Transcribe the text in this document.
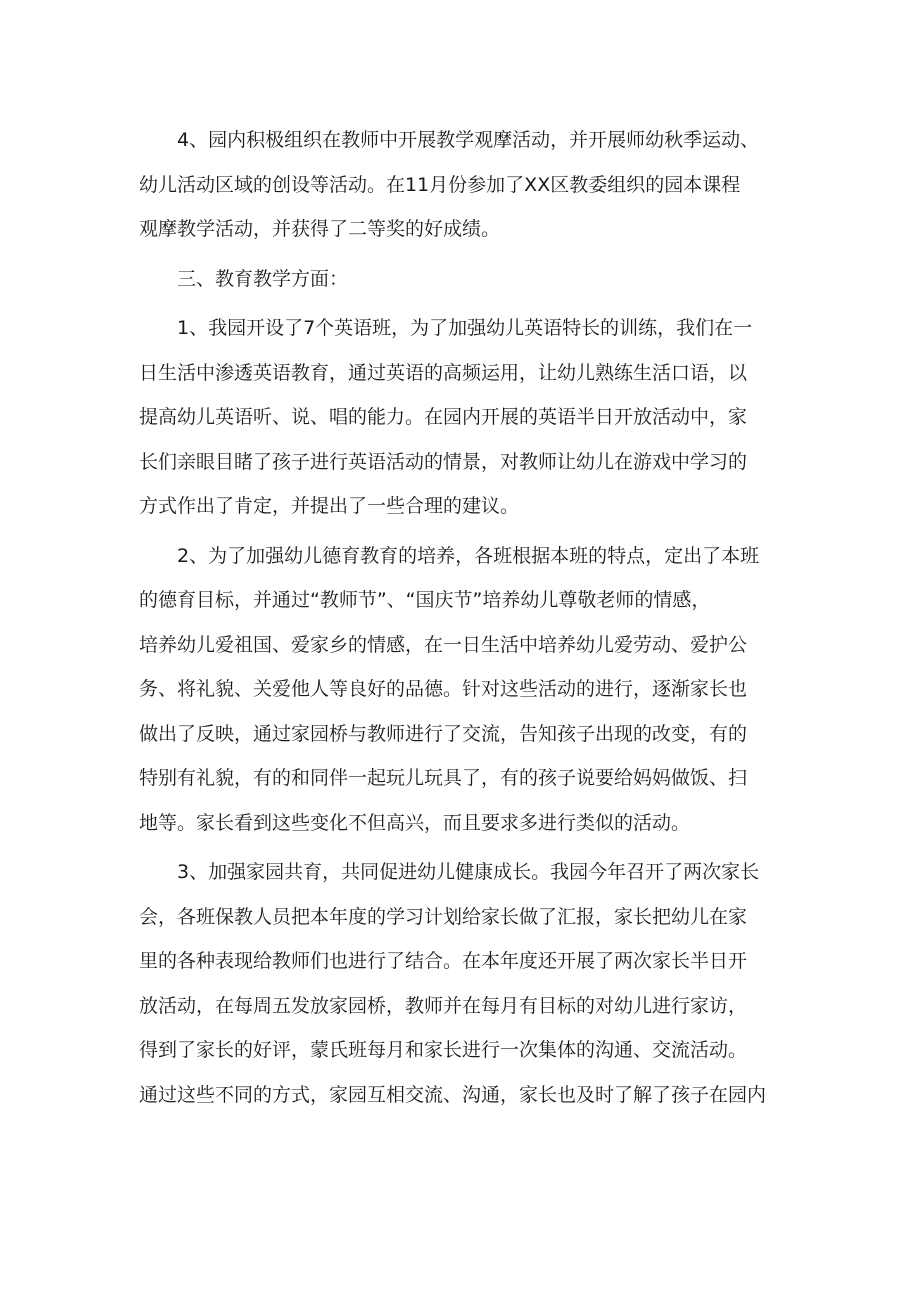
4、园内积极组织在教师中开展教学观摩活动，并开展师幼秋季运动、
幼儿活动区域的创设等活动。在11月份参加了XX区教委组织的园本课程
观摩教学活动，并获得了二等奖的好成绩。
三、教育教学方面：
1、我园开设了7个英语班，为了加强幼儿英语特长的训练，我们在一
日生活中渗透英语教育，通过英语的高频运用，让幼儿熟练生活口语，以
提高幼儿英语听、说、唱的能力。在园内开展的英语半日开放活动中，家
长们亲眼目睹了孩子进行英语活动的情景，对教师让幼儿在游戏中学习的
方式作出了肯定，并提出了一些合理的建议。
2、为了加强幼儿德育教育的培养，各班根据本班的特点，定出了本班
的德育目标，并通过“教师节”、“国庆节”培养幼儿尊敬老师的情感，
培养幼儿爱祖国、爱家乡的情感，在一日生活中培养幼儿爱劳动、爱护公
务、将礼貌、关爱他人等良好的品德。针对这些活动的进行，逐渐家长也
做出了反映，通过家园桥与教师进行了交流，告知孩子出现的改变，有的
特别有礼貌，有的和同伴一起玩儿玩具了，有的孩子说要给妈妈做饭、扫
地等。家长看到这些变化不但高兴，而且要求多进行类似的活动。
3、加强家园共育，共同促进幼儿健康成长。我园今年召开了两次家长
会，各班保教人员把本年度的学习计划给家长做了汇报，家长把幼儿在家
里的各种表现给教师们也进行了结合。在本年度还开展了两次家长半日开
放活动，在每周五发放家园桥，教师并在每月有目标的对幼儿进行家访，
得到了家长的好评，蒙氏班每月和家长进行一次集体的沟通、交流活动。
通过这些不同的方式，家园互相交流、沟通，家长也及时了解了孩子在园内
